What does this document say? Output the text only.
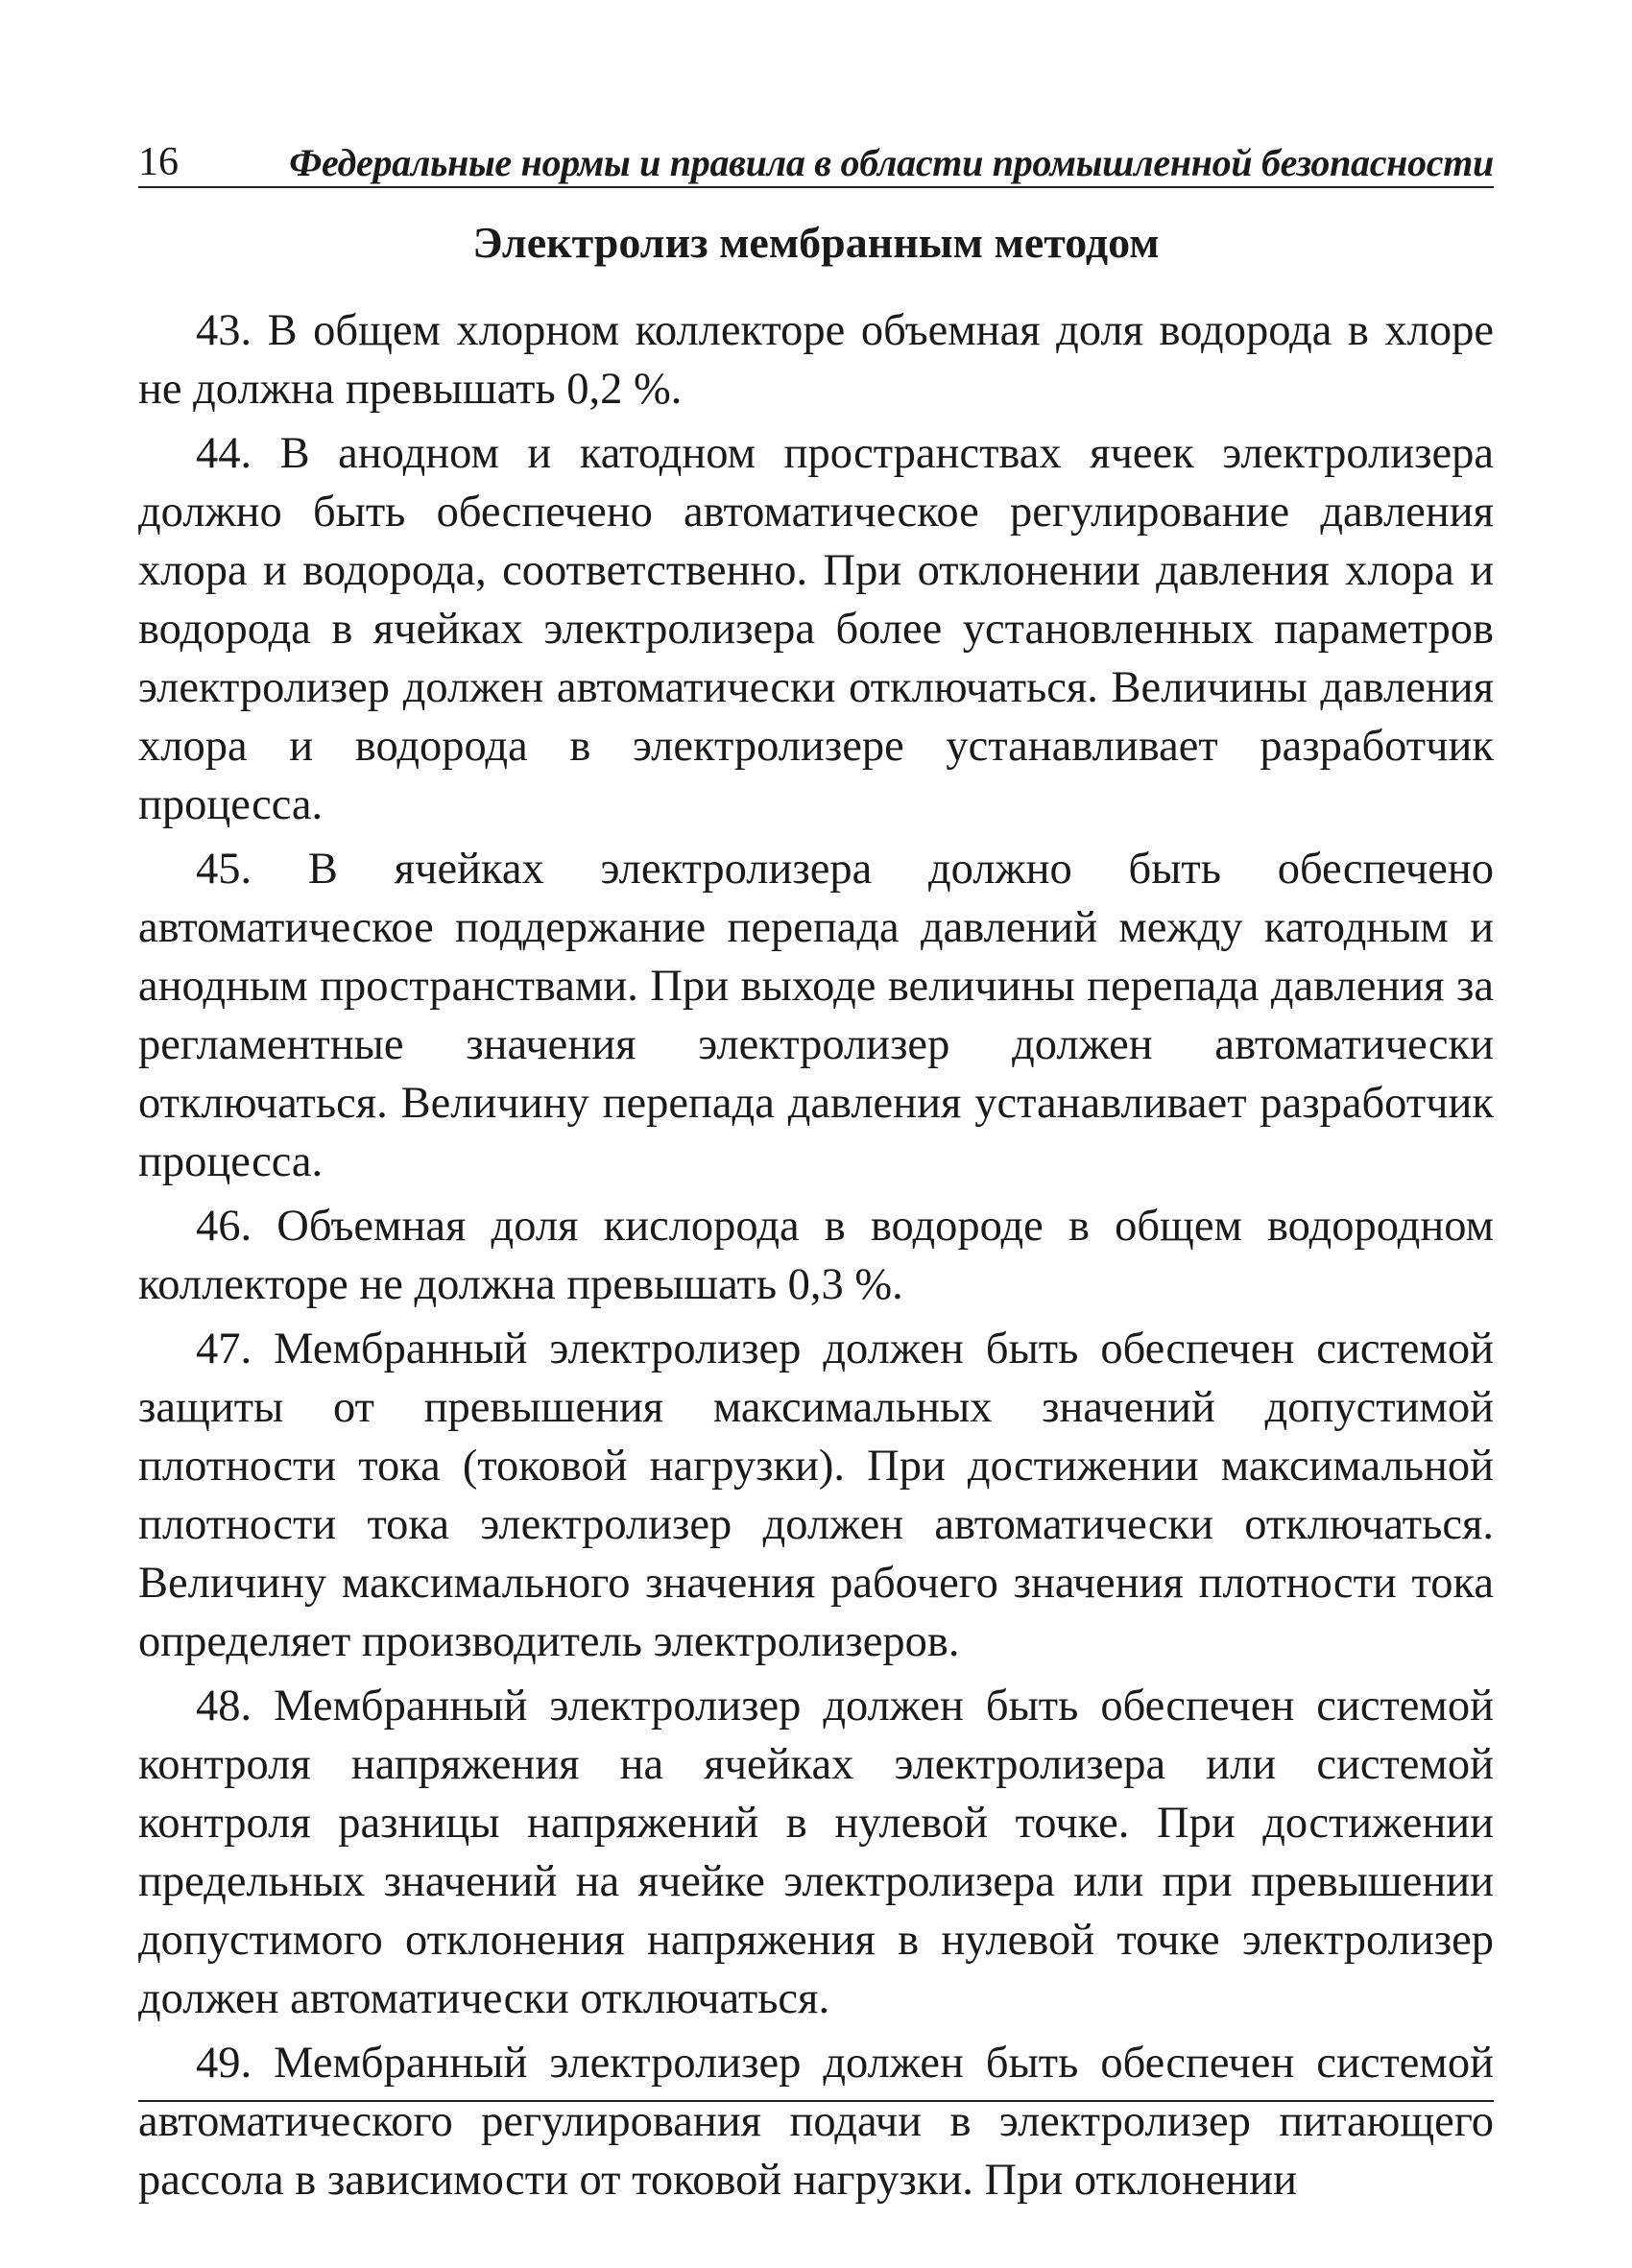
16	Федеральные нормы и правила в области промышленной безопасности
Электролиз мембранным методом

43. В общем хлорном коллекторе объемная доля водорода в хлоре не должна превышать 0,2 %.

44. В анодном и катодном пространствах ячеек электролизера должно быть обеспечено автоматическое регулирование давления хлора и водорода, соответственно. При отклонении давления хлора и водорода в ячейках электролизера более установленных параметров электролизер должен автоматически отключаться. Величины давления хлора и водорода в электролизере устанавливает разработчик процесса.

45. В ячейках электролизера должно быть обеспечено автоматическое поддержание перепада давлений между катодным и анодным пространствами. При выходе величины перепада давления за регламентные значения электролизер должен автоматически отключаться. Величину перепада давления устанавливает разработчик процесса.

46. Объемная доля кислорода в водороде в общем водородном коллекторе не должна превышать 0,3 %.

47. Мембранный электролизер должен быть обеспечен системой защиты от превышения максимальных значений допустимой плотности тока (токовой нагрузки). При достижении максимальной плотности тока электролизер должен автоматически отключаться. Величину максимального значения рабочего значения плотности тока определяет производитель электролизеров.

48. Мембранный электролизер должен быть обеспечен системой контроля напряжения на ячейках электролизера или системой контроля разницы напряжений в нулевой точке. При достижении предельных значений на ячейке электролизера или при превышении допустимого отклонения напряжения в нулевой точке электролизер должен автоматически отключаться.

49. Мембранный электролизер должен быть обеспечен системой автоматического регулирования подачи в электролизер питающего рассола в зависимости от токовой нагрузки. При отклонении
